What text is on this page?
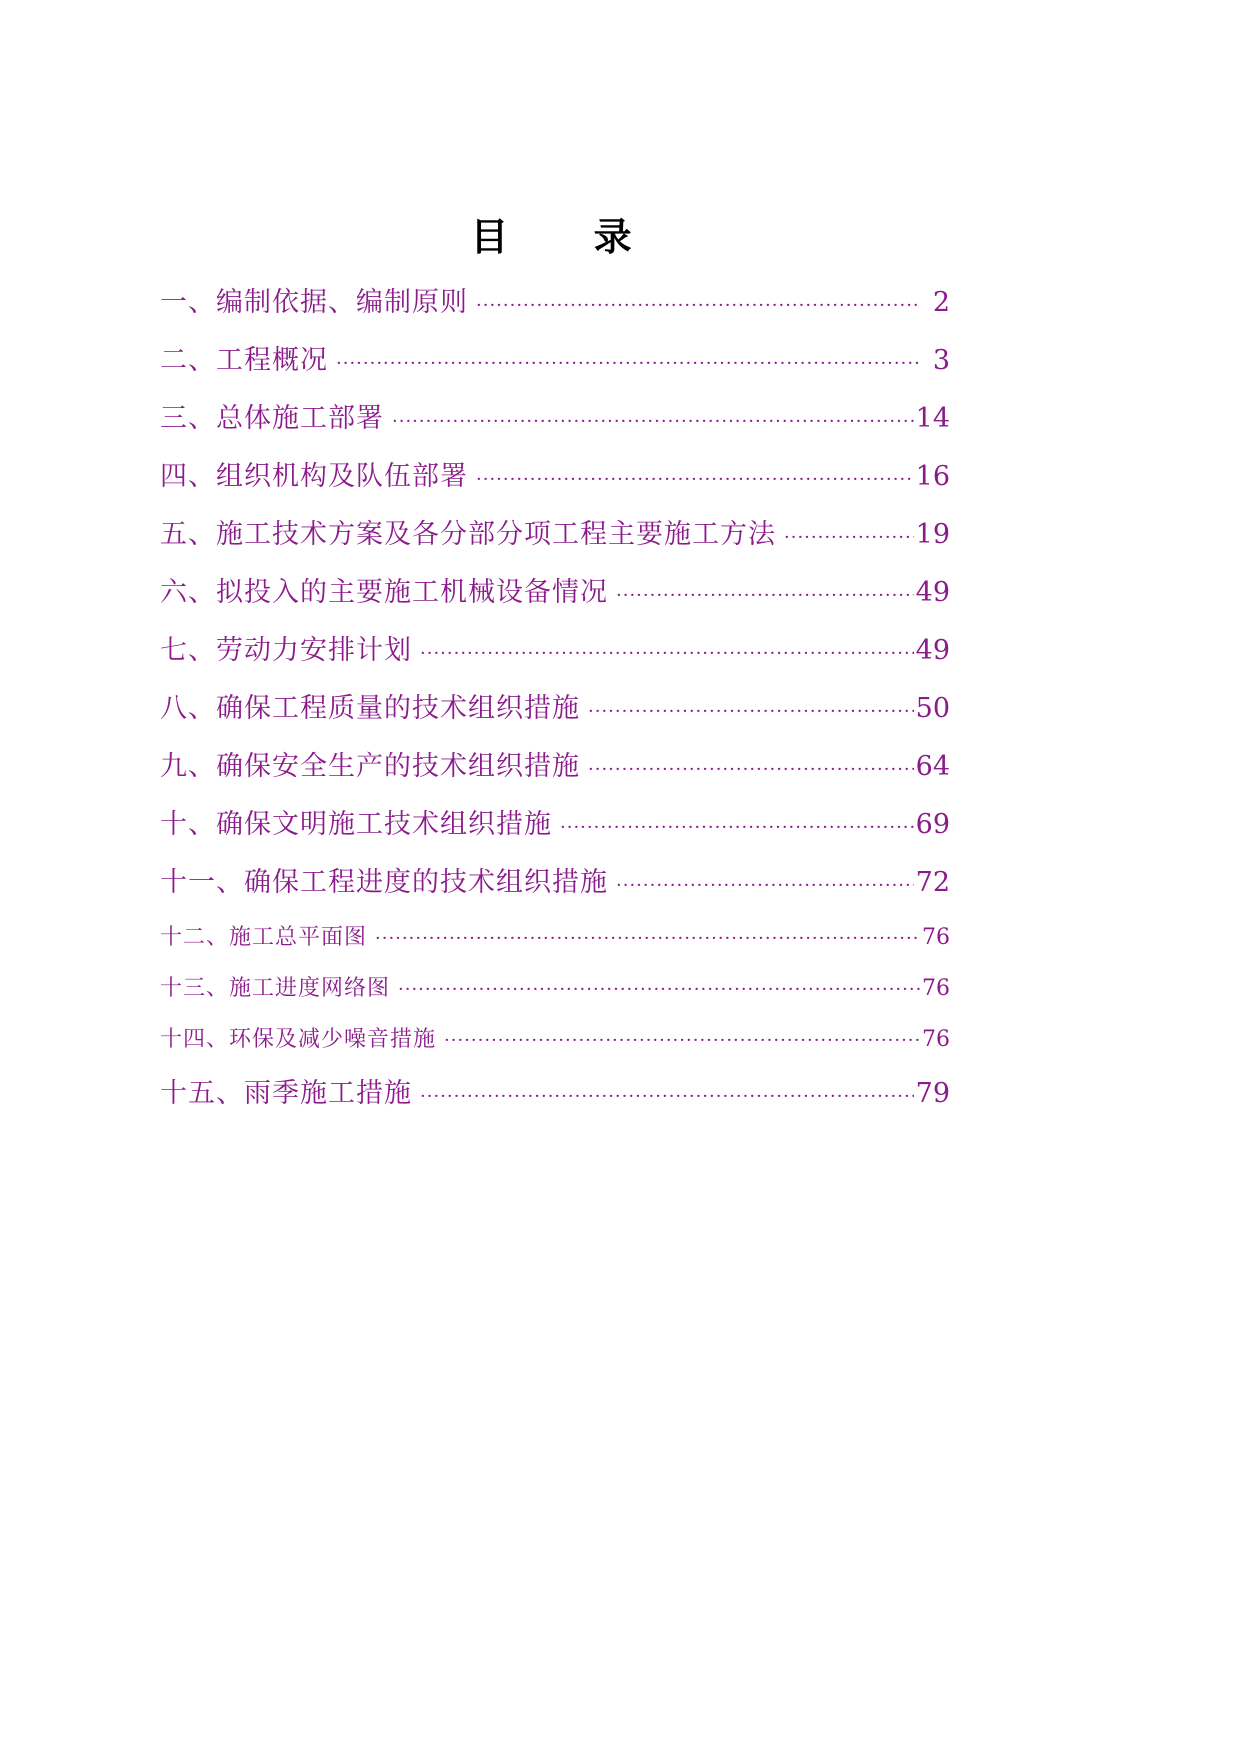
目 录
一、编制依据、编制原则 ·····	2
二、工程概况 ·····	3
三、总体施工部署 ·····	14
四、组织机构及队伍部署 ·····	16
五、施工技术方案及各分部分项工程主要施工方法 ·····	19
六、拟投入的主要施工机械设备情况 ·····	49
七、劳动力安排计划 ·····	49
八、确保工程质量的技术组织措施 ·····	50
九、确保安全生产的技术组织措施 ·····	64
十、确保文明施工技术组织措施 ·····	69
十一、确保工程进度的技术组织措施 ·····	72
十二、施工总平面图 ·····	76
十三、施工进度网络图 ·····	76
十四、环保及减少噪音措施 ·····	76
十五、雨季施工措施 ·····	79
